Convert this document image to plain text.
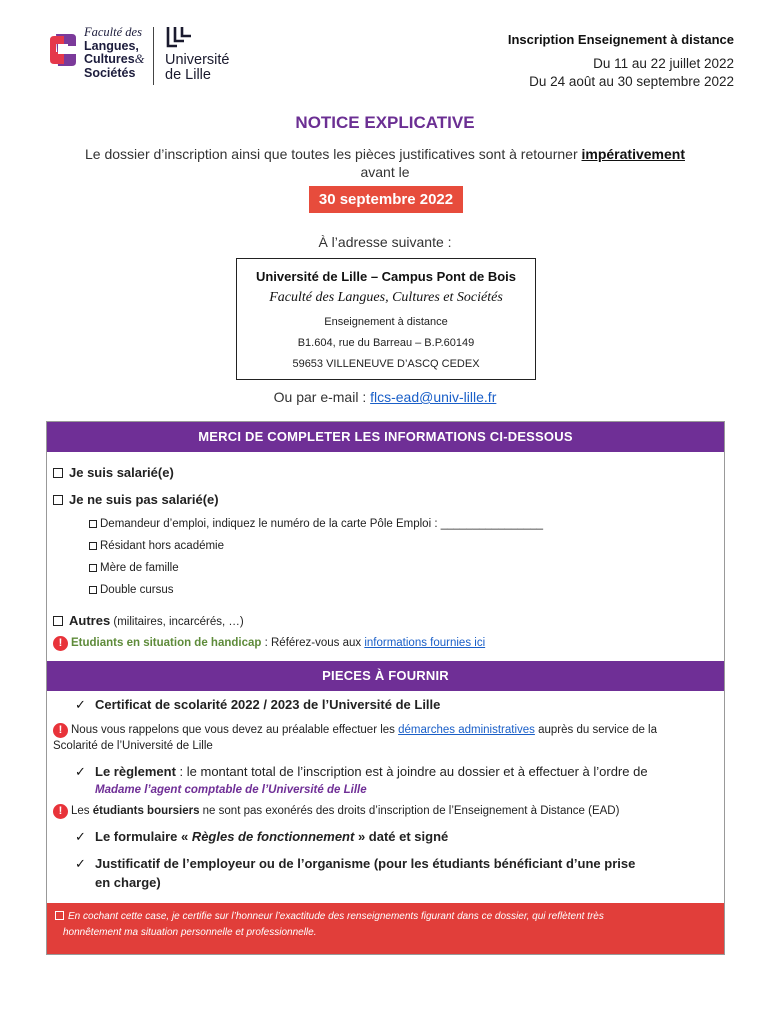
Faculté des
Langues,
Cultures&
Sociétés
Université
de Lille
Inscription Enseignement à distance
Du 11 au 22 juillet 2022
Du 24 août au 30 septembre 2022
NOTICE EXPLICATIVE
Le dossier d’inscription ainsi que toutes les pièces justificatives sont à retourner impérativement
avant le
30 septembre 2022
À l’adresse suivante :
Université de Lille – Campus Pont de Bois
Faculté des Langues, Cultures et Sociétés
Enseignement à distance
B1.604, rue du Barreau – B.P.60149
59653 VILLENEUVE D’ASCQ CEDEX
Ou par e-mail : flcs-ead@univ-lille.fr
MERCI DE COMPLETER LES INFORMATIONS CI-DESSOUS
Je suis salarié(e)
Je ne suis pas salarié(e)
Demandeur d’emploi, indiquez le numéro de la carte Pôle Emploi : ________________
Résidant hors académie
Mère de famille
Double cursus
Autres (militaires, incarcérés, …)
! Etudiants en situation de handicap : Référez-vous aux informations fournies ici
PIECES À FOURNIR
✓ Certificat de scolarité 2022 / 2023 de l’Université de Lille
! Nous vous rappelons que vous devez au préalable effectuer les démarches administratives auprès du service de la
Scolarité de l’Université de Lille
✓ Le règlement : le montant total de l’inscription est à joindre au dossier et à effectuer à l’ordre de
Madame l’agent comptable de l’Université de Lille
! Les étudiants boursiers ne sont pas exonérés des droits d’inscription de l’Enseignement à Distance (EAD)
✓ Le formulaire « Règles de fonctionnement » daté et signé
✓ Justificatif de l’employeur ou de l’organisme (pour les étudiants bénéficiant d’une prise
en charge)
En cochant cette case, je certifie sur l’honneur l’exactitude des renseignements figurant dans ce dossier, qui reflètent très
honnêtement ma situation personnelle et professionnelle.
